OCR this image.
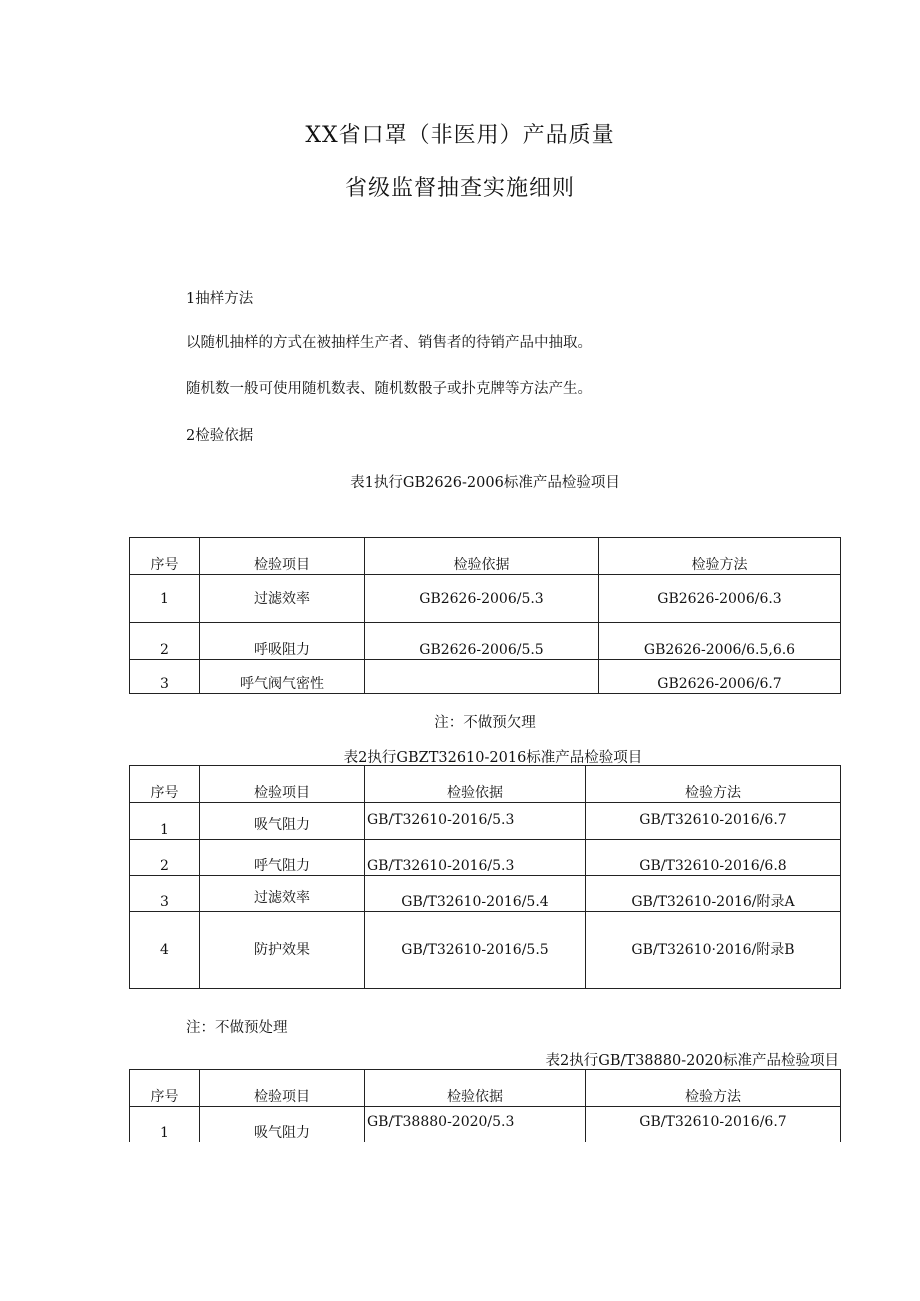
XX省口罩（非医用）产品质量
省级监督抽查实施细则
1抽样方法
以随机抽样的方式在被抽样生产者、销售者的待销产品中抽取。
随机数一般可使用随机数表、随机数骰子或扑克牌等方法产生。
2检验依据
表1执行GB2626-2006标准产品检验项目
序号	检验项目	检验依据	检验方法
1	过滤效率	GB2626-2006/5.3	GB2626-2006/6.3
2	呼吸阻力	GB2626-2006/5.5	GB2626-2006/6.5,6.6
3	呼气阀气密性		GB2626-2006/6.7
注：不做预欠理
表2执行GBZT32610-2016标准产品检验项目
序号	检验项目	检验依据	检验方法
1	吸气阻力	GB/T32610-2016/5.3	GB/T32610-2016/6.7
2	呼气阻力	GB/T32610-2016/5.3	GB/T32610-2016/6.8
3	过滤效率	GB/T32610-2016/5.4	GB/T32610-2016/附录A
4	防护效果	GB/T32610-2016/5.5	GB/T32610·2016/附录B
注：不做预处理
表2执行GB/T38880-2020标准产品检验项目
序号	检验项目	检验依据	检验方法
1	吸气阻力	GB/T38880-2020/5.3	GB/T32610-2016/6.7
